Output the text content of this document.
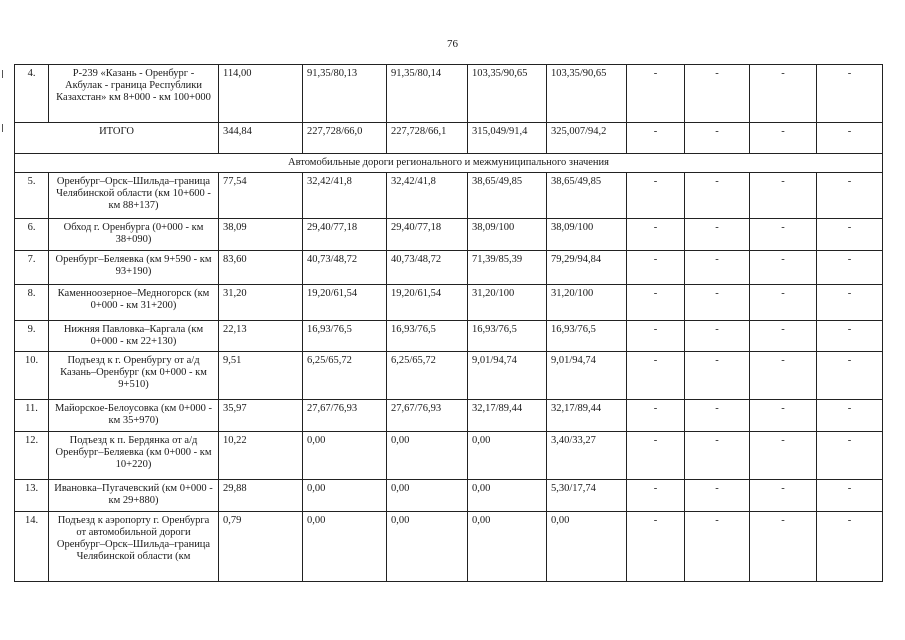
76
4.	Р-239 «Казань - Оренбург - Акбулак - граница Республики Казахстан» км 8+000 - км 100+000	114,00	91,35/80,13	91,35/80,14	103,35/90,65	103,35/90,65	-	-	-	-
ИТОГО		344,84	227,728/66,0	227,728/66,1	315,049/91,4	325,007/94,2	-	-	-	-
Автомобильные дороги регионального и межмуниципального значения										
5.	Оренбург–Орск–Шильда–граница Челябинской области (км 10+600 - км 88+137)	77,54	32,42/41,8	32,42/41,8	38,65/49,85	38,65/49,85	-	-	-	-
6.	Обход г. Оренбурга (0+000 - км 38+090)	38,09	29,40/77,18	29,40/77,18	38,09/100	38,09/100	-	-	-	-
7.	Оренбург–Беляевка (км 9+590 - км 93+190)	83,60	40,73/48,72	40,73/48,72	71,39/85,39	79,29/94,84	-	-	-	-
8.	Каменноозерное–Медногорск (км 0+000 - км 31+200)	31,20	19,20/61,54	19,20/61,54	31,20/100	31,20/100	-	-	-	-
9.	Нижняя Павловка–Каргала (км 0+000 - км 22+130)	22,13	16,93/76,5	16,93/76,5	16,93/76,5	16,93/76,5	-	-	-	-
10.	Подъезд к г. Оренбургу от а/д Казань–Оренбург (км 0+000 - км 9+510)	9,51	6,25/65,72	6,25/65,72	9,01/94,74	9,01/94,74	-	-	-	-
11.	Майорское-Белоусовка (км 0+000 - км 35+970)	35,97	27,67/76,93	27,67/76,93	32,17/89,44	32,17/89,44	-	-	-	-
12.	Подъезд к п. Бердянка от а/д Оренбург–Беляевка (км 0+000 - км 10+220)	10,22	0,00	0,00	0,00	3,40/33,27	-	-	-	-
13.	Ивановка–Пугачевский (км 0+000 - км 29+880)	29,88	0,00	0,00	0,00	5,30/17,74	-	-	-	-
14.	Подъезд к аэропорту г. Оренбурга от автомобильной дороги Оренбург–Орск–Шильда–граница Челябинской области (км	0,79	0,00	0,00	0,00	0,00	-	-	-	-
